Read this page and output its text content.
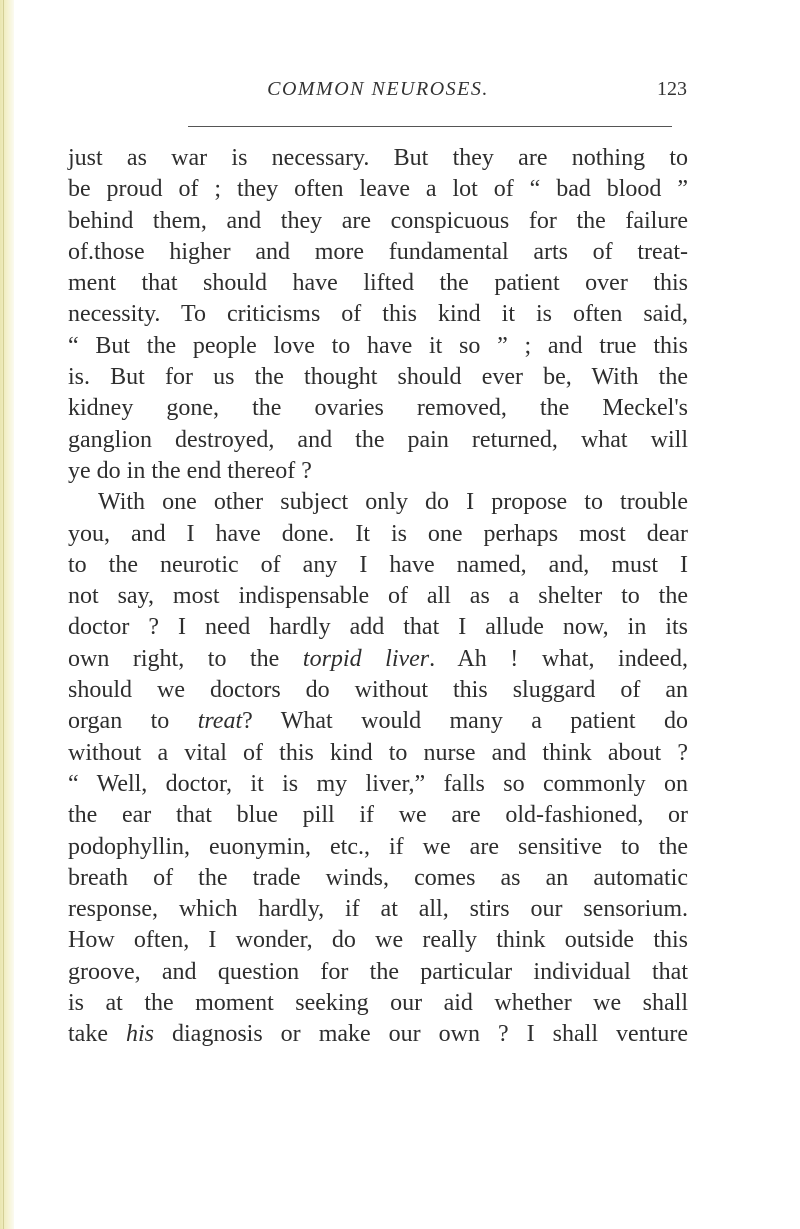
COMMON NEUROSES.	123
just as war is necessary. But they are nothing to
be proud of ; they often leave a lot of “ bad blood ”
behind them, and they are conspicuous for the failure
of.those higher and more fundamental arts of treat-
ment that should have lifted the patient over this
necessity. To criticisms of this kind it is often said,
“ But the people love to have it so ” ; and true this
is. But for us the thought should ever be, With the
kidney gone, the ovaries removed, the Meckel's
ganglion destroyed, and the pain returned, what will
ye do in the end thereof ?
With one other subject only do I propose to trouble
you, and I have done. It is one perhaps most dear
to the neurotic of any I have named, and, must I
not say, most indispensable of all as a shelter to the
doctor ? I need hardly add that I allude now, in its
own right, to the torpid liver. Ah ! what, indeed,
should we doctors do without this sluggard of an
organ to treat? What would many a patient do
without a vital of this kind to nurse and think about ?
“ Well, doctor, it is my liver,” falls so commonly on
the ear that blue pill if we are old-fashioned, or
podophyllin, euonymin, etc., if we are sensitive to the
breath of the trade winds, comes as an automatic
response, which hardly, if at all, stirs our sensorium.
How often, I wonder, do we really think outside this
groove, and question for the particular individual that
is at the moment seeking our aid whether we shall
take his diagnosis or make our own ? I shall venture
